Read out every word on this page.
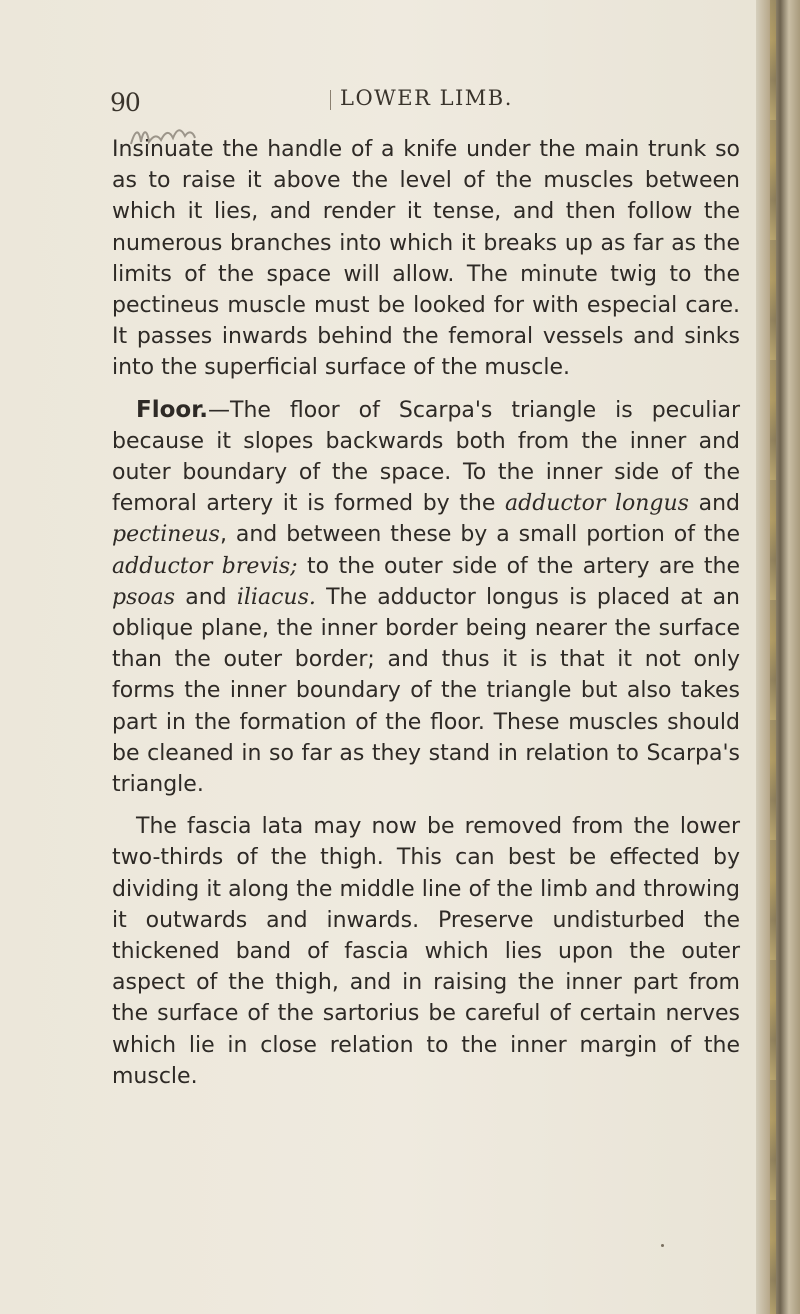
90	LOWER LIMB.

Insinuate the handle of a knife under the main trunk so as to raise it above the level of the muscles between which it lies, and render it tense, and then follow the numerous branches into which it breaks up as far as the limits of the space will allow. The minute twig to the pectineus muscle must be looked for with especial care. It passes inwards behind the femoral vessels and sinks into the superficial surface of the muscle.

Floor.—The floor of Scarpa's triangle is peculiar because it slopes backwards both from the inner and outer boundary of the space. To the inner side of the femoral artery it is formed by the adductor longus and pectineus, and between these by a small portion of the adductor brevis; to the outer side of the artery are the psoas and iliacus. The adductor longus is placed at an oblique plane, the inner border being nearer the surface than the outer border; and thus it is that it not only forms the inner boundary of the triangle but also takes part in the formation of the floor. These muscles should be cleaned in so far as they stand in relation to Scarpa's triangle.

The fascia lata may now be removed from the lower two-thirds of the thigh. This can best be effected by dividing it along the middle line of the limb and throwing it outwards and inwards. Preserve undisturbed the thickened band of fascia which lies upon the outer aspect of the thigh, and in raising the inner part from the surface of the sartorius be careful of certain nerves which lie in close relation to the inner margin of the muscle.
